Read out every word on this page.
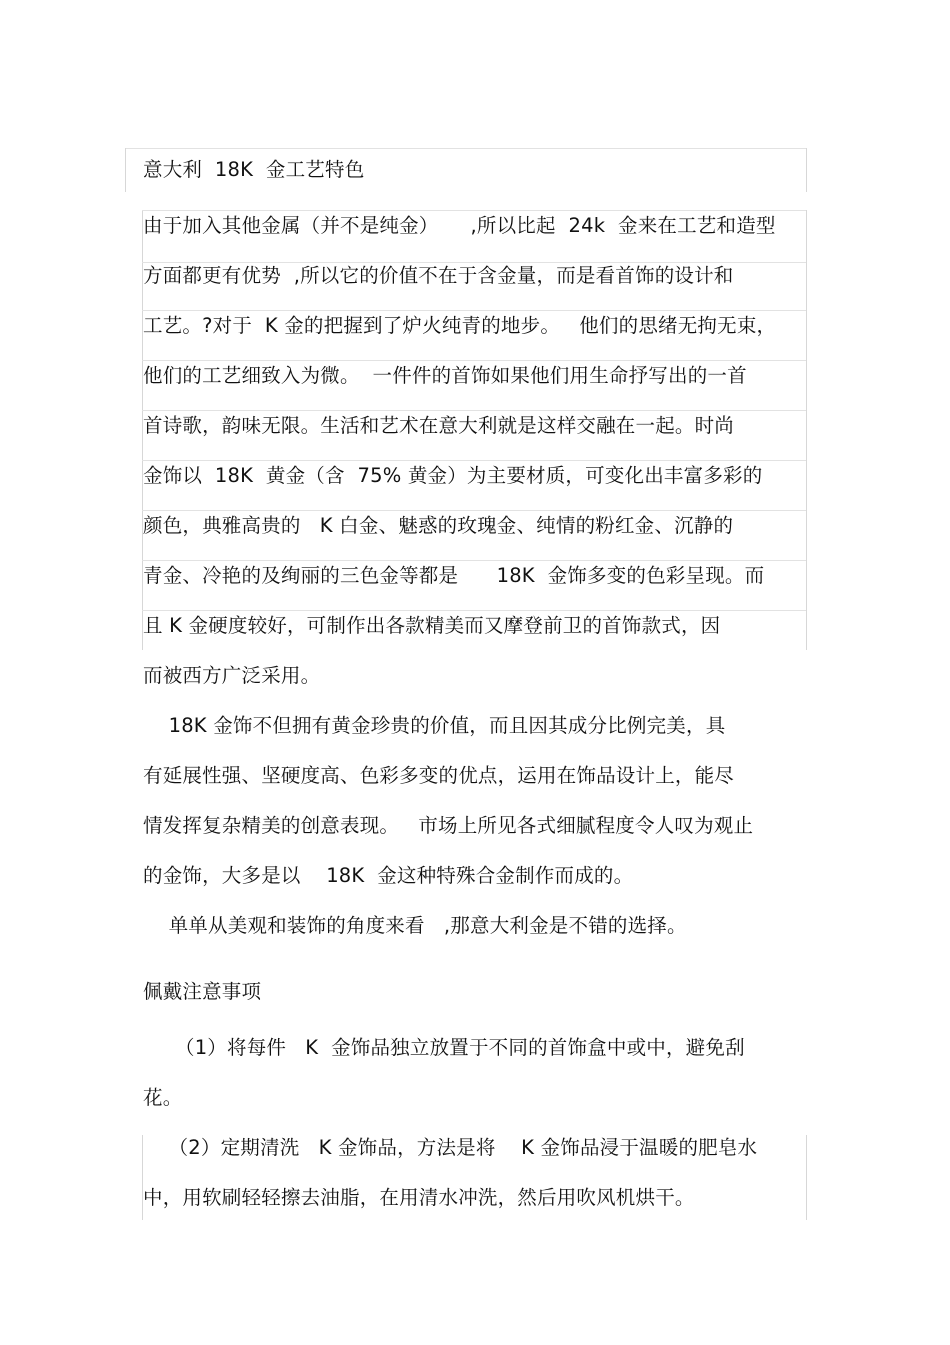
意大利  18K  金工艺特色
由于加入其他金属（并不是纯金）     ,所以比起  24k  金来在工艺和造型
方面都更有优势  ,所以它的价值不在于含金量，而是看首饰的设计和
工艺。?对于  K 金的把握到了炉火纯青的地步。   他们的思绪无拘无束，
他们的工艺细致入为微。  一件件的首饰如果他们用生命抒写出的一首
首诗歌，韵味无限。生活和艺术在意大利就是这样交融在一起。时尚
金饰以  18K  黄金（含  75% 黄金）为主要材质，可变化出丰富多彩的
颜色，典雅高贵的   K 白金、魅惑的玫瑰金、纯情的粉红金、沉静的
青金、冷艳的及绚丽的三色金等都是      18K  金饰多变的色彩呈现。而
且 K 金硬度较好，可制作出各款精美而又摩登前卫的首饰款式，因
而被西方广泛采用。
18K 金饰不但拥有黄金珍贵的价值，而且因其成分比例完美，具
有延展性强、坚硬度高、色彩多变的优点，运用在饰品设计上，能尽
情发挥复杂精美的创意表现。   市场上所见各式细腻程度令人叹为观止
的金饰，大多是以    18K  金这种特殊合金制作而成的。
单单从美观和装饰的角度来看   ,那意大利金是不错的选择。
佩戴注意事项
（1）将每件   K  金饰品独立放置于不同的首饰盒中或中，避免刮
花。
（2）定期清洗   K 金饰品，方法是将    K 金饰品浸于温暖的肥皂水
中，用软刷轻轻擦去油脂，在用清水冲洗，然后用吹风机烘干。
